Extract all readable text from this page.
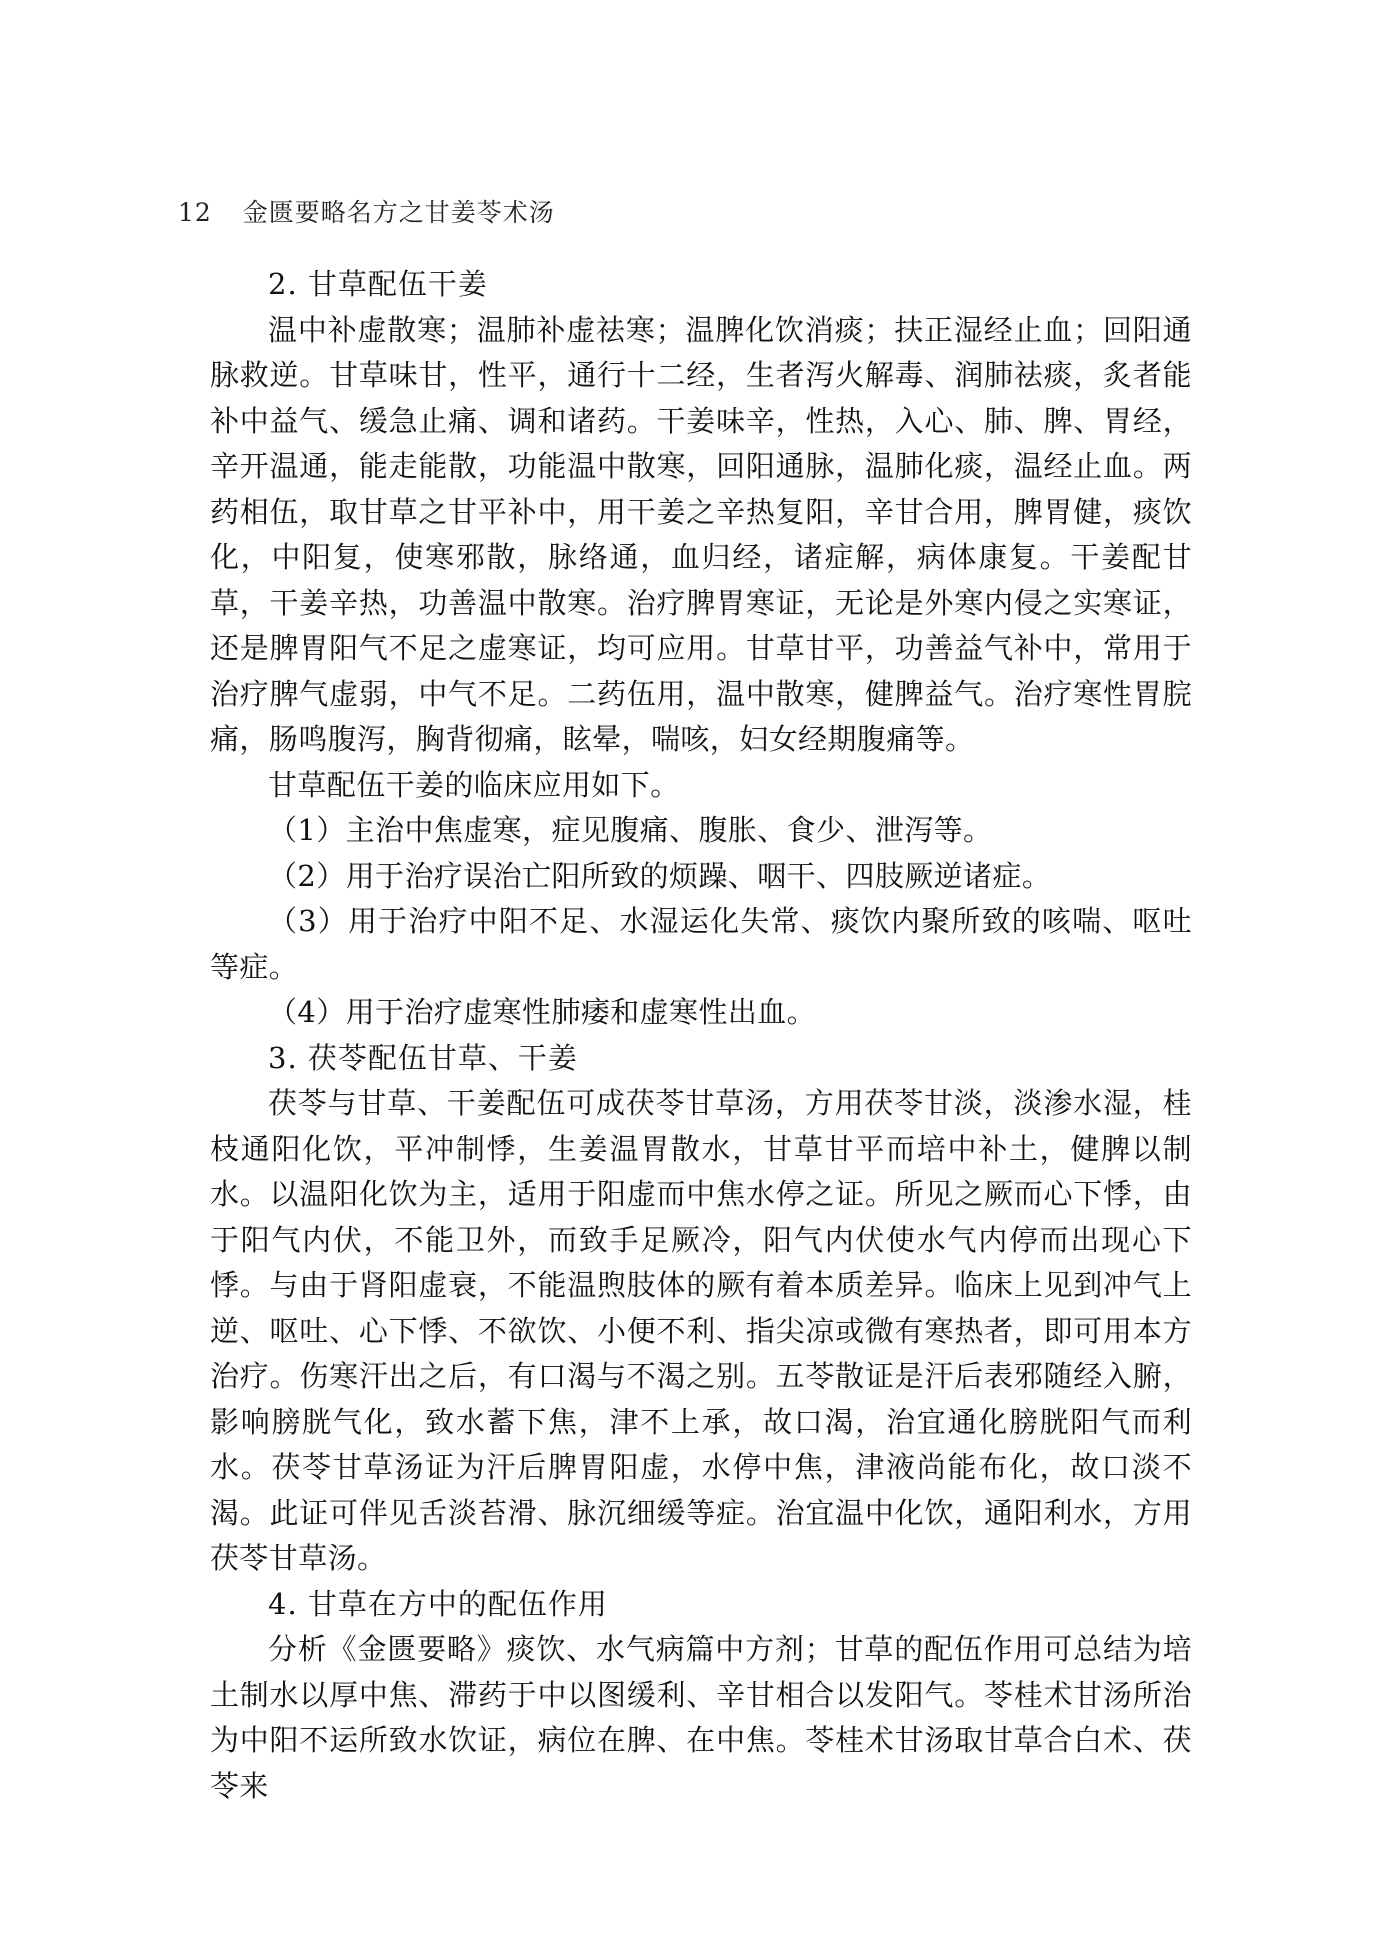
12 金匮要略名方之甘姜苓术汤

2. 甘草配伍干姜

温中补虚散寒；温肺补虚祛寒；温脾化饮消痰；扶正湿经止血；回阳通脉救逆。甘草味甘，性平，通行十二经，生者泻火解毒、润肺祛痰，炙者能补中益气、缓急止痛、调和诸药。干姜味辛，性热，入心、肺、脾、胃经，辛开温通，能走能散，功能温中散寒，回阳通脉，温肺化痰，温经止血。两药相伍，取甘草之甘平补中，用干姜之辛热复阳，辛甘合用，脾胃健，痰饮化，中阳复，使寒邪散，脉络通，血归经，诸症解，病体康复。干姜配甘草，干姜辛热，功善温中散寒。治疗脾胃寒证，无论是外寒内侵之实寒证，还是脾胃阳气不足之虚寒证，均可应用。甘草甘平，功善益气补中，常用于治疗脾气虚弱，中气不足。二药伍用，温中散寒，健脾益气。治疗寒性胃脘痛，肠鸣腹泻，胸背彻痛，眩晕，喘咳，妇女经期腹痛等。

甘草配伍干姜的临床应用如下。

（1）主治中焦虚寒，症见腹痛、腹胀、食少、泄泻等。

（2）用于治疗误治亡阳所致的烦躁、咽干、四肢厥逆诸症。

（3）用于治疗中阳不足、水湿运化失常、痰饮内聚所致的咳喘、呕吐等症。

（4）用于治疗虚寒性肺痿和虚寒性出血。

3. 茯苓配伍甘草、干姜

茯苓与甘草、干姜配伍可成茯苓甘草汤，方用茯苓甘淡，淡渗水湿，桂枝通阳化饮，平冲制悸，生姜温胃散水，甘草甘平而培中补土，健脾以制水。以温阳化饮为主，适用于阳虚而中焦水停之证。所见之厥而心下悸，由于阳气内伏，不能卫外，而致手足厥冷，阳气内伏使水气内停而出现心下悸。与由于肾阳虚衰，不能温煦肢体的厥有着本质差异。临床上见到冲气上逆、呕吐、心下悸、不欲饮、小便不利、指尖凉或微有寒热者，即可用本方治疗。伤寒汗出之后，有口渴与不渴之别。五苓散证是汗后表邪随经入腑，影响膀胱气化，致水蓄下焦，津不上承，故口渴，治宜通化膀胱阳气而利水。茯苓甘草汤证为汗后脾胃阳虚，水停中焦，津液尚能布化，故口淡不渴。此证可伴见舌淡苔滑、脉沉细缓等症。治宜温中化饮，通阳利水，方用茯苓甘草汤。

4. 甘草在方中的配伍作用

分析《金匮要略》痰饮、水气病篇中方剂；甘草的配伍作用可总结为培土制水以厚中焦、滞药于中以图缓利、辛甘相合以发阳气。苓桂术甘汤所治为中阳不运所致水饮证，病位在脾、在中焦。苓桂术甘汤取甘草合白术、茯苓来
